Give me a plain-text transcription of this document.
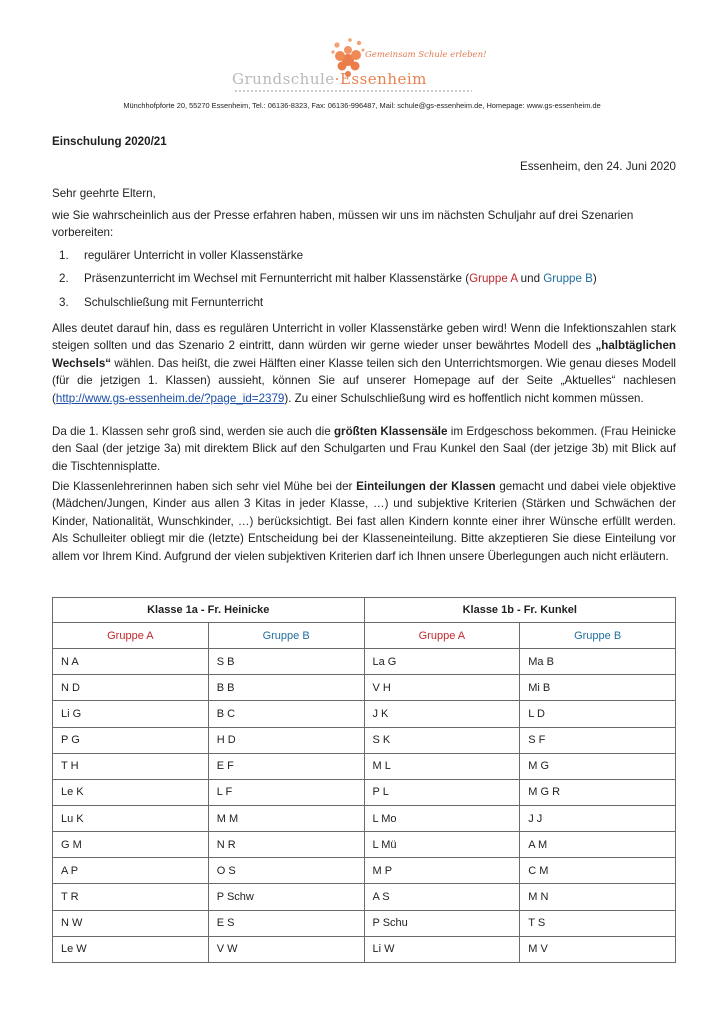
Gemeinsam Schule erleben!
Grundschule·Essenheim
Münchhofpforte 20, 55270 Essenheim, Tel.: 06136-8323, Fax: 06136-996487, Mail: schule@gs-essenheim.de, Homepage: www.gs-essenheim.de
Einschulung 2020/21
Essenheim, den 24. Juni 2020
Sehr geehrte Eltern,
wie Sie wahrscheinlich aus der Presse erfahren haben, müssen wir uns im nächsten Schuljahr auf drei Szenarien vorbereiten:
1. regulärer Unterricht in voller Klassenstärke
2. Präsenzunterricht im Wechsel mit Fernunterricht mit halber Klassenstärke (Gruppe A und Gruppe B)
3. Schulschließung mit Fernunterricht
Alles deutet darauf hin, dass es regulären Unterricht in voller Klassenstärke geben wird! Wenn die Infektionszahlen stark steigen sollten und das Szenario 2 eintritt, dann würden wir gerne wieder unser bewährtes Modell des „halbtäglichen Wechsels“ wählen. Das heißt, die zwei Hälften einer Klasse teilen sich den Unterrichtsmorgen. Wie genau dieses Modell (für die jetzigen 1. Klassen) aussieht, können Sie auf unserer Homepage auf der Seite „Aktuelles“ nachlesen (http://www.gs-essenheim.de/?page_id=2379). Zu einer Schulschließung wird es hoffentlich nicht kommen müssen.
Da die 1. Klassen sehr groß sind, werden sie auch die größten Klassensäle im Erdgeschoss bekommen. (Frau Heinicke den Saal (der jetzige 3a) mit direktem Blick auf den Schulgarten und Frau Kunkel den Saal (der jetzige 3b) mit Blick auf die Tischtennisplatte.
Die Klassenlehrerinnen haben sich sehr viel Mühe bei der Einteilungen der Klassen gemacht und dabei viele objektive (Mädchen/Jungen, Kinder aus allen 3 Kitas in jeder Klasse, …) und subjektive Kriterien (Stärken und Schwächen der Kinder, Nationalität, Wunschkinder, …) berücksichtigt. Bei fast allen Kindern konnte einer ihrer Wünsche erfüllt werden. Als Schulleiter obliegt mir die (letzte) Entscheidung bei der Klasseneinteilung. Bitte akzeptieren Sie diese Einteilung vor allem vor Ihrem Kind. Aufgrund der vielen subjektiven Kriterien darf ich Ihnen unsere Überlegungen auch nicht erläutern.
Klasse 1a - Fr. Heinicke		Klasse 1b - Fr. Kunkel	
Gruppe A	Gruppe B	Gruppe A	Gruppe B
N A	S B	La G	Ma B
N D	B B	V H	Mi B
Li G	B C	J K	L D
P G	H D	S K	S F
T H	E F	M L	M G
Le K	L F	P L	M G R
Lu K	M M	L Mo	J J
G M	N R	L Mü	A M
A P	O S	M P	C M
T R	P Schw	A S	M N
N W	E S	P Schu	T S
Le W	V W	Li W	M V
